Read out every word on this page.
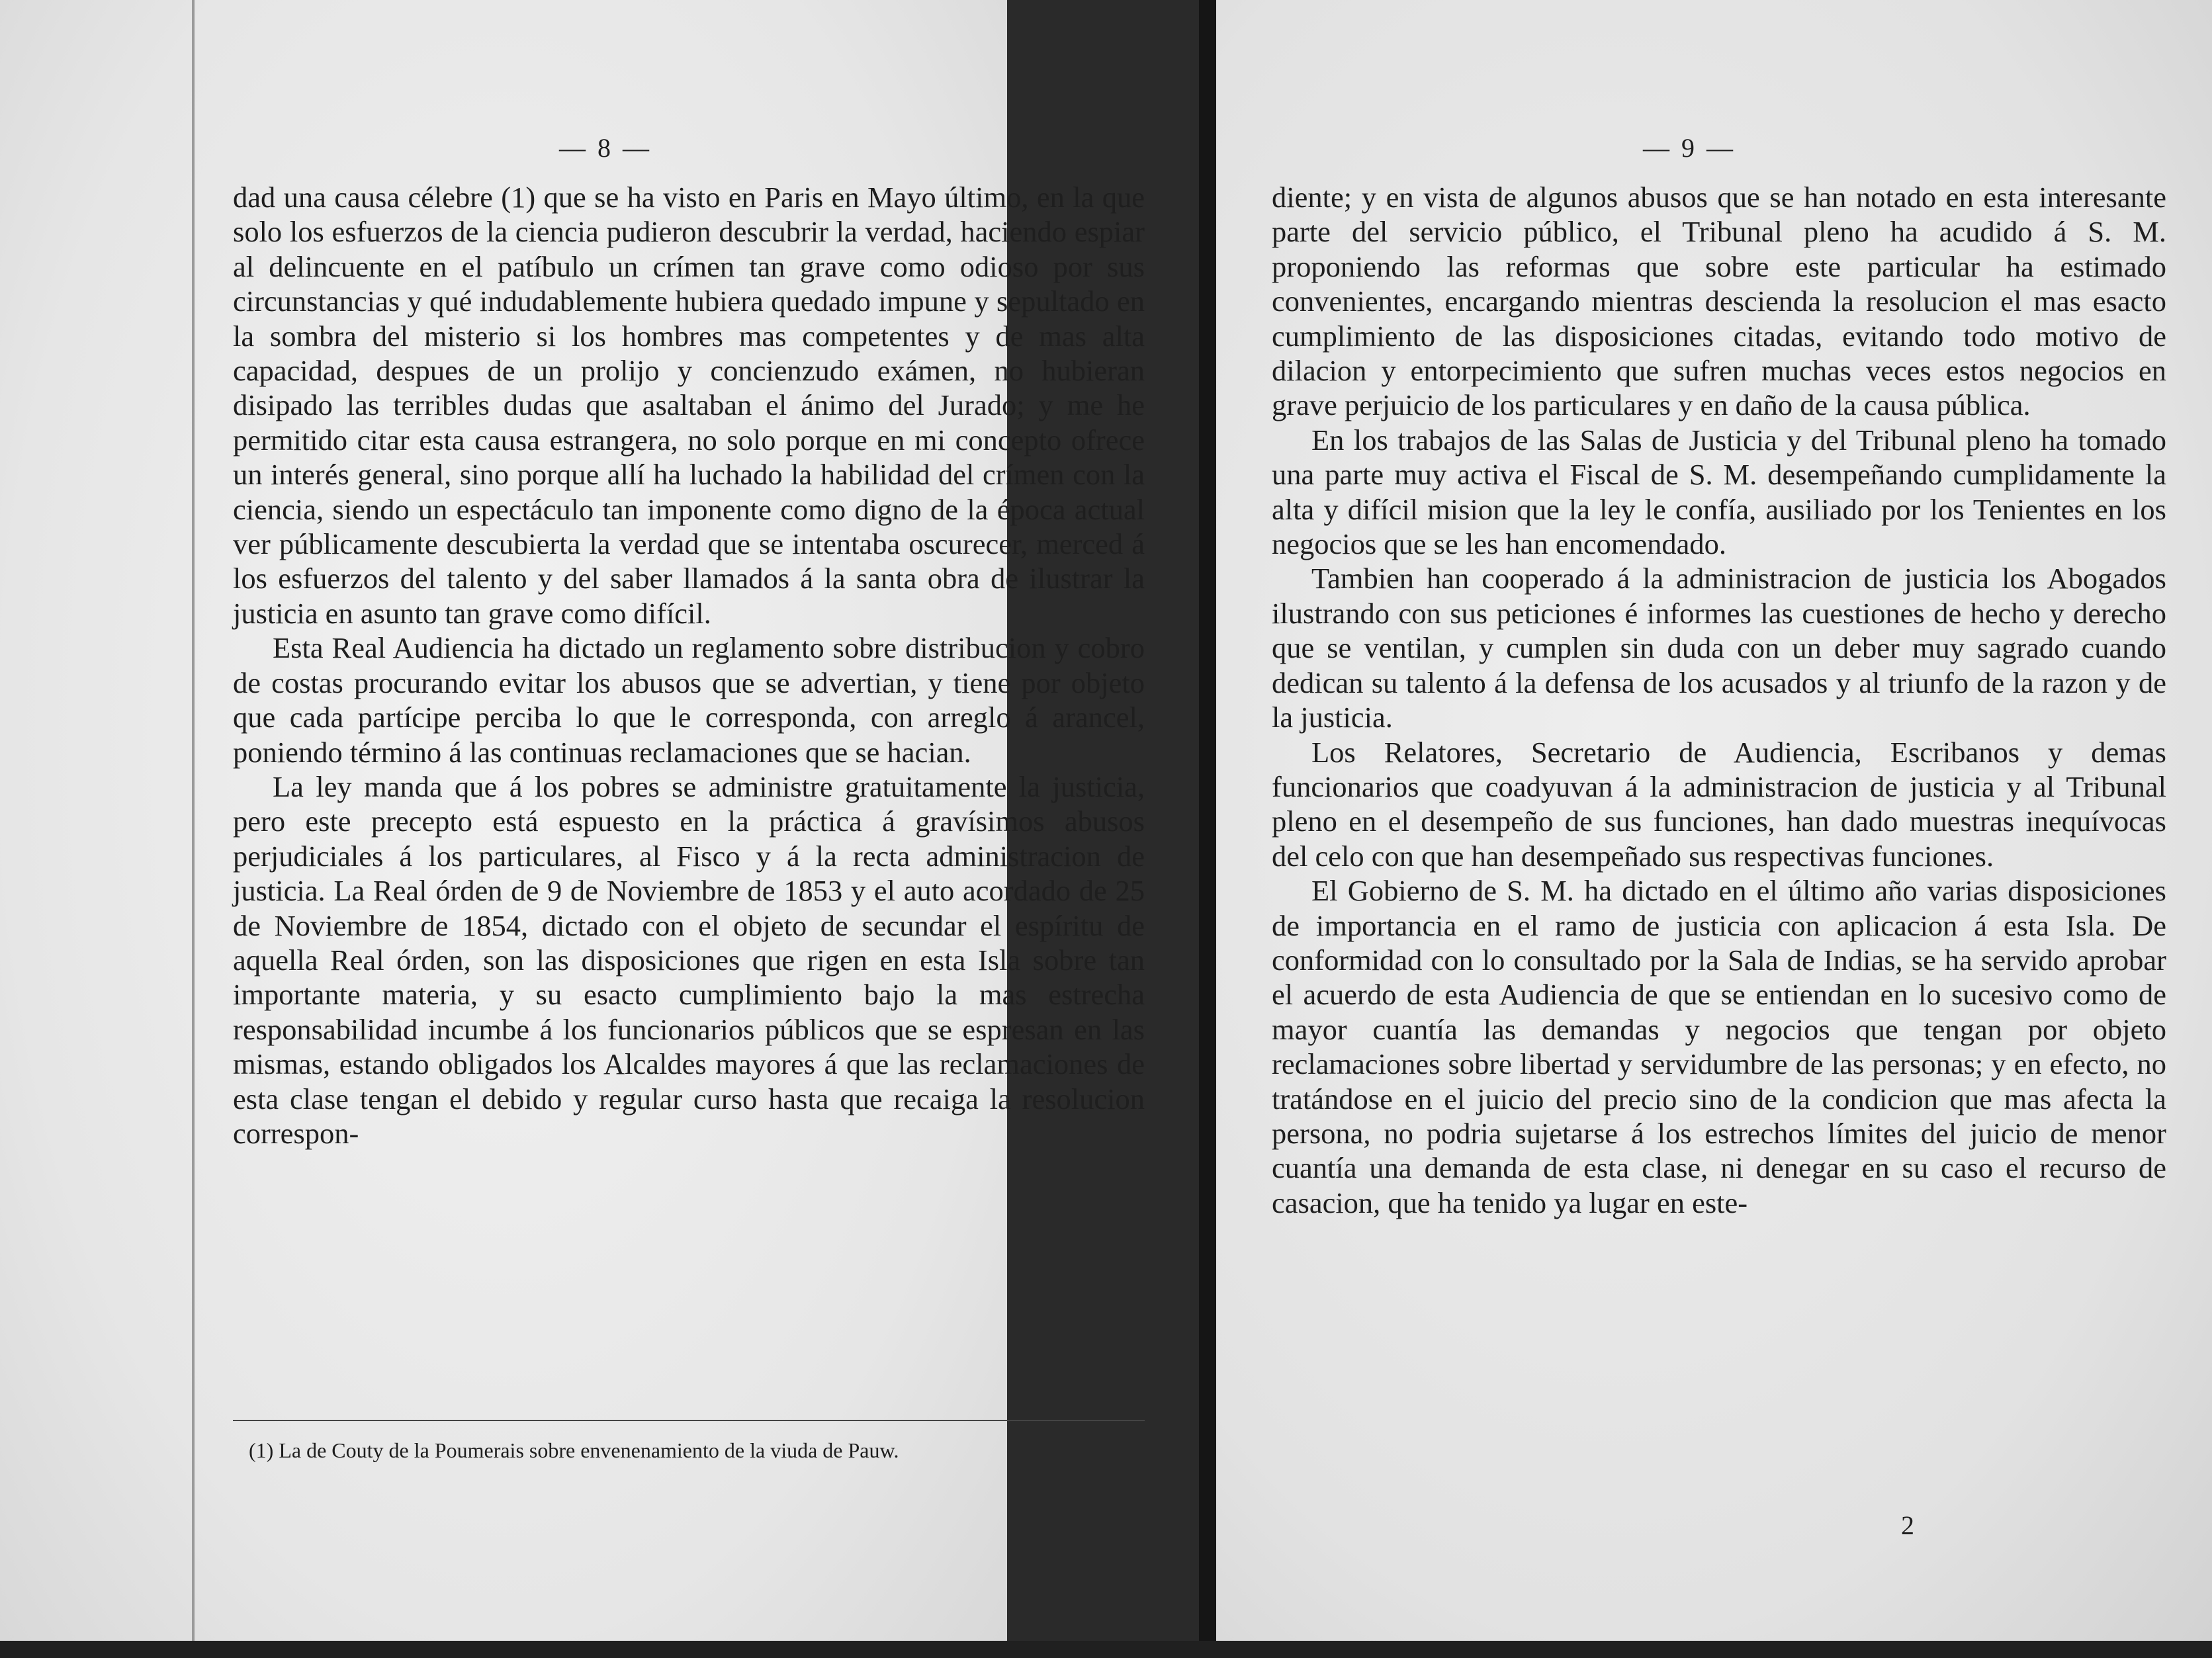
— 8 —

dad una causa célebre (1) que se ha visto en Paris en Mayo último, en la que solo los esfuerzos de la ciencia pudieron descubrir la verdad, haciendo espiar al delincuente en el patíbulo un crímen tan grave como odioso por sus circunstancias y qué indudablemente hubiera quedado impune y sepultado en la sombra del misterio si los hombres mas competentes y de mas alta capacidad, despues de un prolijo y concienzudo exámen, no hubieran disipado las terribles dudas que asaltaban el ánimo del Jurado; y me he permitido citar esta causa estrangera, no solo porque en mi concepto ofrece un interés general, sino porque allí ha luchado la habilidad del crímen con la ciencia, siendo un espectáculo tan imponente como digno de la época actual ver públicamente descubierta la verdad que se intentaba oscurecer, merced á los esfuerzos del talento y del saber llamados á la santa obra de ilustrar la justicia en asunto tan grave como difícil.

Esta Real Audiencia ha dictado un reglamento sobre distribucion y cobro de costas procurando evitar los abusos que se advertian, y tiene por objeto que cada partícipe perciba lo que le corresponda, con arreglo á arancel, poniendo término á las continuas reclamaciones que se hacian.

La ley manda que á los pobres se administre gratuitamente la justicia, pero este precepto está espuesto en la práctica á gravísimos abusos perjudiciales á los particulares, al Fisco y á la recta administracion de justicia. La Real órden de 9 de Noviembre de 1853 y el auto acordado de 25 de Noviembre de 1854, dictado con el objeto de secundar el espíritu de aquella Real órden, son las disposiciones que rigen en esta Isla sobre tan importante materia, y su esacto cumplimiento bajo la mas estrecha responsabilidad incumbe á los funcionarios públicos que se espresan en las mismas, estando obligados los Alcaldes mayores á que las reclamaciones de esta clase tengan el debido y regular curso hasta que recaiga la resolucion correspon-

(1) La de Couty de la Poumerais sobre envenenamiento de la viuda de Pauw.
— 9 —

diente; y en vista de algunos abusos que se han notado en esta interesante parte del servicio público, el Tribunal pleno ha acudido á S. M. proponiendo las reformas que sobre este particular ha estimado convenientes, encargando mientras descienda la resolucion el mas esacto cumplimiento de las disposiciones citadas, evitando todo motivo de dilacion y entorpecimiento que sufren muchas veces estos negocios en grave perjuicio de los particulares y en daño de la causa pública.

En los trabajos de las Salas de Justicia y del Tribunal pleno ha tomado una parte muy activa el Fiscal de S. M. desempeñando cumplidamente la alta y difícil mision que la ley le confía, ausiliado por los Tenientes en los negocios que se les han encomendado.

Tambien han cooperado á la administracion de justicia los Abogados ilustrando con sus peticiones é informes las cuestiones de hecho y derecho que se ventilan, y cumplen sin duda con un deber muy sagrado cuando dedican su talento á la defensa de los acusados y al triunfo de la razon y de la justicia.

Los Relatores, Secretario de Audiencia, Escribanos y demas funcionarios que coadyuvan á la administracion de justicia y al Tribunal pleno en el desempeño de sus funciones, han dado muestras inequívocas del celo con que han desempeñado sus respectivas funciones.

El Gobierno de S. M. ha dictado en el último año varias disposiciones de importancia en el ramo de justicia con aplicacion á esta Isla. De conformidad con lo consultado por la Sala de Indias, se ha servido aprobar el acuerdo de esta Audiencia de que se entiendan en lo sucesivo como de mayor cuantía las demandas y negocios que tengan por objeto reclamaciones sobre libertad y servidumbre de las personas; y en efecto, no tratándose en el juicio del precio sino de la condicion que mas afecta la persona, no podria sujetarse á los estrechos límites del juicio de menor cuantía una demanda de esta clase, ni denegar en su caso el recurso de casacion, que ha tenido ya lugar en este-

2
